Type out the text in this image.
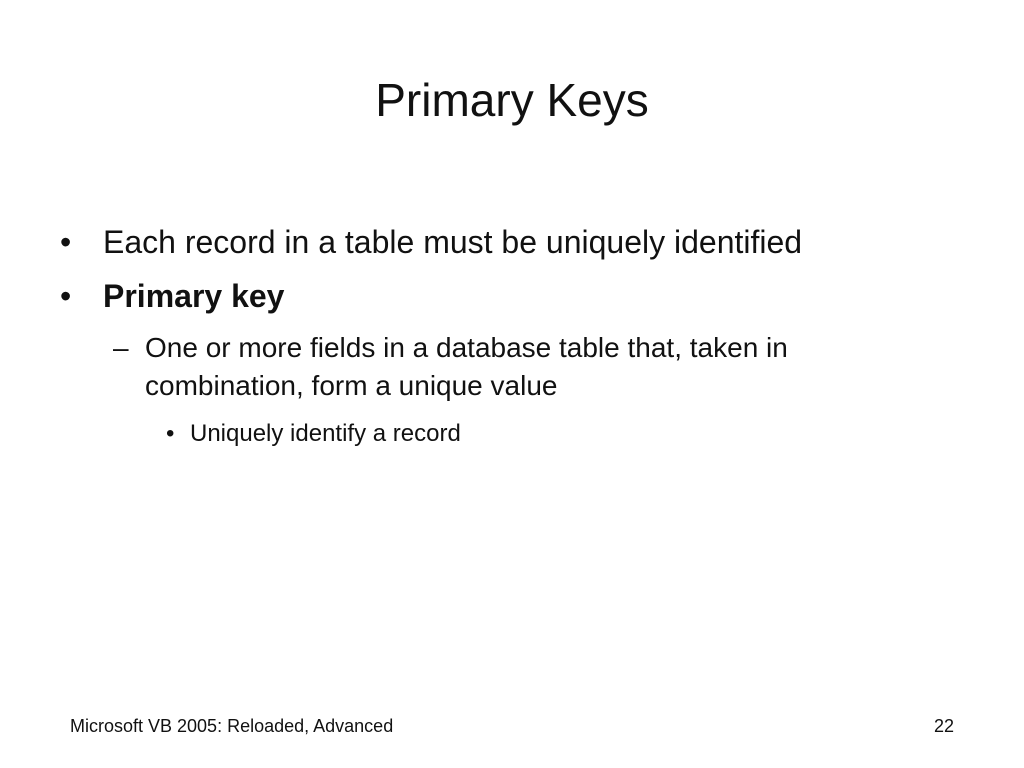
Primary Keys
• Each record in a table must be uniquely identified
• Primary key
– One or more fields in a database table that, taken in combination, form a unique value
• Uniquely identify a record
Microsoft VB 2005: Reloaded, Advanced	22
